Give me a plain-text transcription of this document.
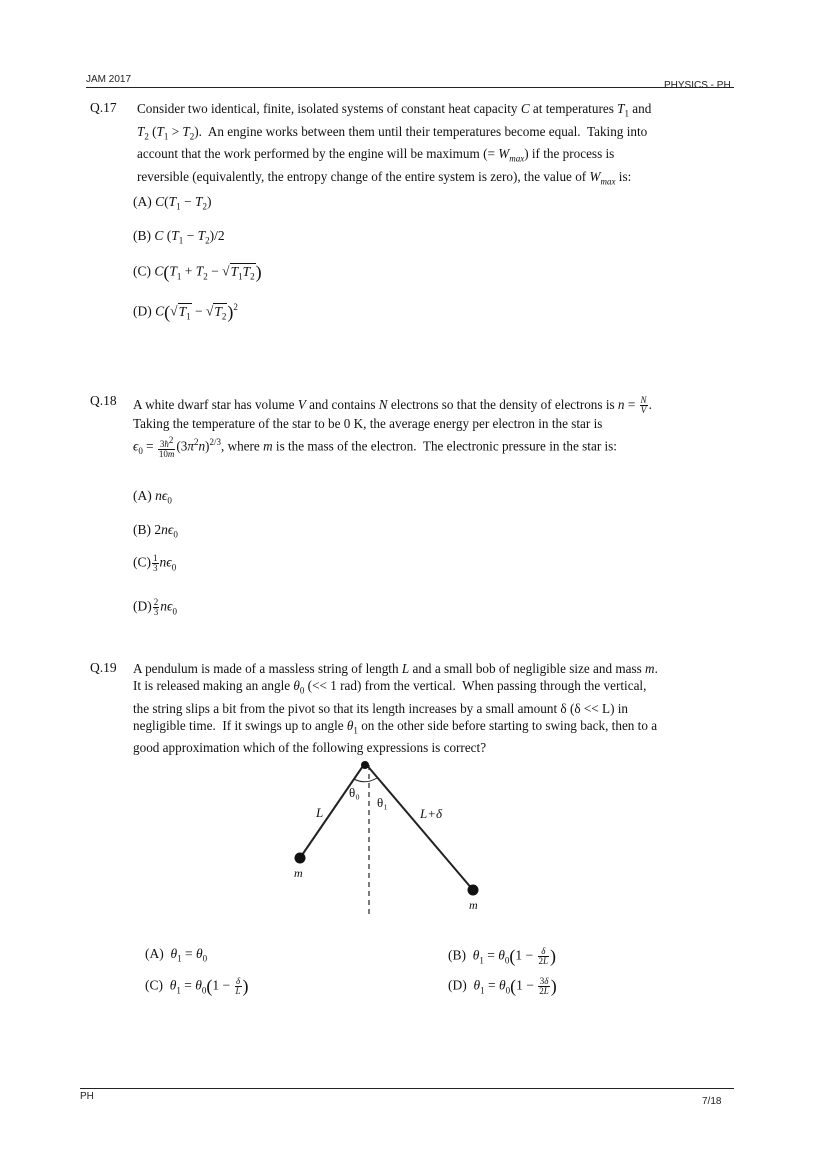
JAM 2017
PHYSICS - PH
Q.17 Consider two identical, finite, isolated systems of constant heat capacity C at temperatures $T_1$ and
$T_2$ $(T_1 > T_2)$.  An engine works between them until their temperatures become equal.  Taking into
account that the work performed by the engine will be maximum (= $W_{max}$) if the process is
reversible (equivalently, the entropy change of the entire system is zero), the value of $W_{max}$ is:
(A) $C(T_1 - T_2)$
(B) C $(T_1 - T_2)/2$
(C) $C(T_1 + T_2 - √T_1T_2)$
(D) $C(√T_1 - √T_2)^2$
Q.18 A white dwarf star has volume V and contains N electrons so that the density of electrons is $n = \frac{N}{V}$ .
Taking the temperature of the star to be 0 K, the average energy per electron in the star is
$\epsilon_0 = \frac{3ħ^2}{10m} (3\pi^2n)^{2/3}$, where m is the mass of the electron.  The electronic pressure in the star is:
(A) $n\epsilon_0$
(B) $2n\epsilon_0$
$(C) \frac{1}{3} n\epsilon_0$
$(D) \frac{2}{3} n\epsilon_0$
Q.19 A pendulum is made of a massless string of length L and a small bob of negligible size and mass m.
It is released making an angle $\theta_0$ (<< 1 rad) from the vertical.  When passing through the vertical,
the string slips a bit from the pivot so that its length increases by a small amount δ (δ << L) in
negligible time.  If it swings up to angle $\theta_1$ on the other side before starting to swing back, then to a
good approximation which of the following expressions is correct?
θ₀
θ₁
L	L+δ
m
m
(A) $\theta_1 = \theta_0$	(B) $\theta_1 = \theta_0(1 - \frac{\delta}{2L}$ )
(C) $\theta_1 = \theta_0(1 - \frac{\delta}{L}$ )	(D) $\theta_1 = \theta_0(1 - \frac{3\delta}{2L}$ )
PH	7/18
